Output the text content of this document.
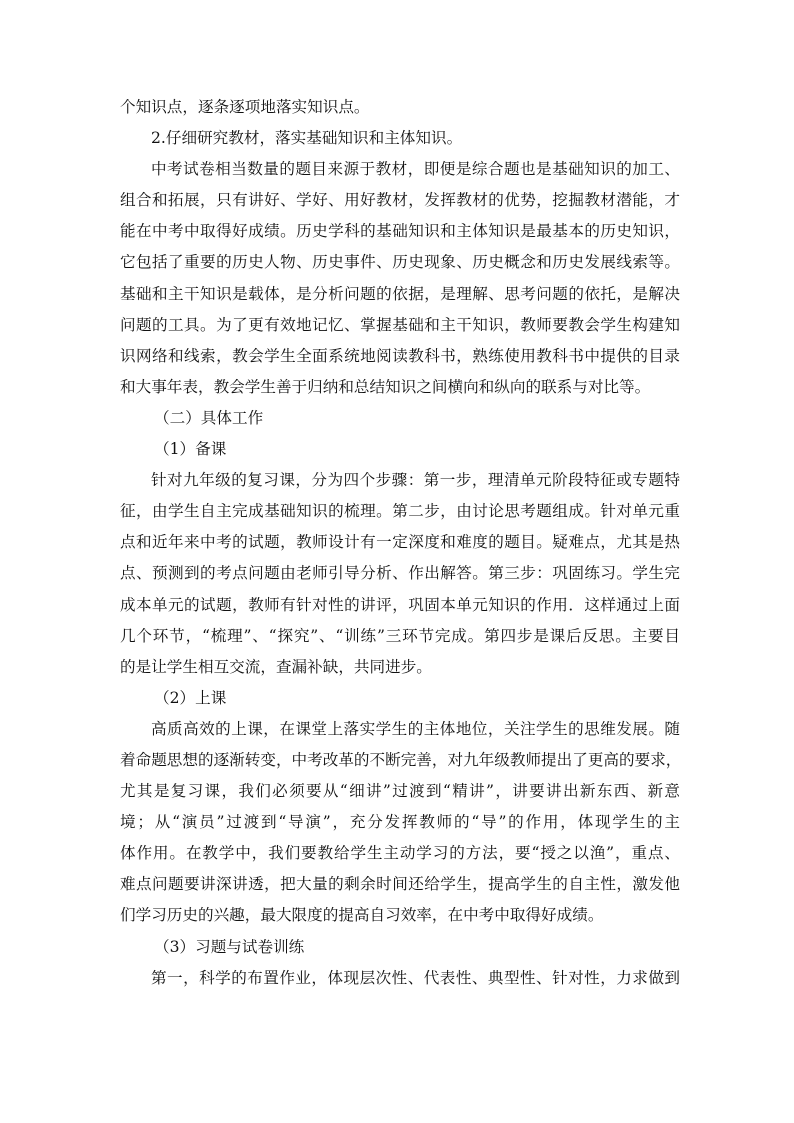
个知识点，逐条逐项地落实知识点。
2.仔细研究教材，落实基础知识和主体知识。
中考试卷相当数量的题目来源于教材，即便是综合题也是基础知识的加工、
组合和拓展，只有讲好、学好、用好教材，发挥教材的优势，挖掘教材潜能，才
能在中考中取得好成绩。历史学科的基础知识和主体知识是最基本的历史知识，
它包括了重要的历史人物、历史事件、历史现象、历史概念和历史发展线索等。
基础和主干知识是载体，是分析问题的依据，是理解、思考问题的依托，是解决
问题的工具。为了更有效地记忆、掌握基础和主干知识，教师要教会学生构建知
识网络和线索，教会学生全面系统地阅读教科书，熟练使用教科书中提供的目录
和大事年表，教会学生善于归纳和总结知识之间横向和纵向的联系与对比等。
（二）具体工作
（1）备课
针对九年级的复习课，分为四个步骤：第一步，理清单元阶段特征或专题特
征，由学生自主完成基础知识的梳理。第二步，由讨论思考题组成。针对单元重
点和近年来中考的试题，教师设计有一定深度和难度的题目。疑难点，尤其是热
点、预测到的考点问题由老师引导分析、作出解答。第三步：巩固练习。学生完
成本单元的试题，教师有针对性的讲评，巩固本单元知识的作用．这样通过上面
几个环节，“梳理”、“探究”、“训练”三环节完成。第四步是课后反思。主要目
的是让学生相互交流，查漏补缺，共同进步。
（2）上课
高质高效的上课，在课堂上落实学生的主体地位，关注学生的思维发展。随
着命题思想的逐渐转变，中考改革的不断完善，对九年级教师提出了更高的要求，
尤其是复习课，我们必须要从“细讲”过渡到“精讲”，讲要讲出新东西、新意
境；从“演员”过渡到“导演”，充分发挥教师的“导”的作用，体现学生的主
体作用。在教学中，我们要教给学生主动学习的方法，要“授之以渔”，重点、
难点问题要讲深讲透，把大量的剩余时间还给学生，提高学生的自主性，激发他
们学习历史的兴趣，最大限度的提高自习效率，在中考中取得好成绩。
（3）习题与试卷训练
第一，科学的布置作业，体现层次性、代表性、典型性、针对性，力求做到
